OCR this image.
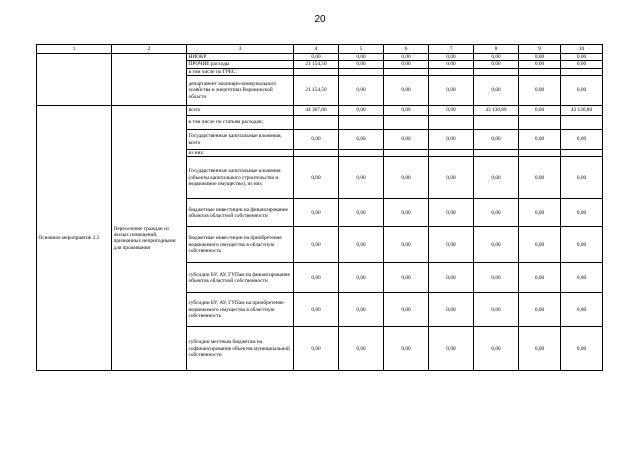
20
1	2	3	4	5	6	7	8	9	10
		НИОКР	0,00	0,00	0,00	0,00	0,00	0,00	0,00
		ПРОЧИЕ расходы	21 154,50	0,00	0,00	0,00	0,00	0,00	0,00
		в том числе по ГРБС:							
		департамент жилищно-коммунального хозяйства и энергетики Воронежской области	21 154,50	0,00	0,00	0,00	0,00	0,00	0,00
Основное мероприятие 2.3	Переселение граждан из жилых помещений, признанных непригодными для проживания	всего	44 367,00	0,00	0,00	0,00	43 130,80	0,00	43 130,80
		в том числе по статьям расходов:							
		Государственные капитальные вложения, всего	0,00	0,00	0,00	0,00	0,00	0,00	0,00
		из них:							
		Государственные капитальные вложения (объекты капитального строительства и недвижимое имущество), из них	0,00	0,00	0,00	0,00	0,00	0,00	0,00
		бюджетные инвестиции на финансирование объектов областной собственности	0,00	0,00	0,00	0,00	0,00	0,00	0,00
		бюджетные инвестиции на приобретение недвижимого имущества в областную собственность	0,00	0,00	0,00	0,00	0,00	0,00	0,00
		субсидии БУ, АУ, ГУПам на финансирование объектов областной собственности	0,00	0,00	0,00	0,00	0,00	0,00	0,00
		субсидии БУ, АУ, ГУПам на приобретение недвижимого имущества в областную собственность	0,00	0,00	0,00	0,00	0,00	0,00	0,00
		субсидии местным бюджетам на софинансирование объектов муниципальной собственности	0,00	0,00	0,00	0,00	0,00	0,00	0,00
